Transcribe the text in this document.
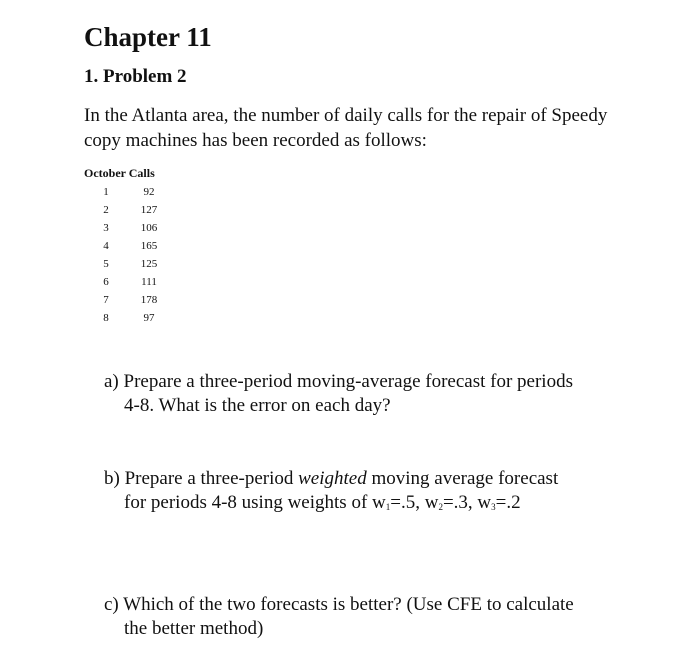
Chapter 11
1. Problem 2

In the Atlanta area, the number of daily calls for the repair of Speedy copy machines has been recorded as follows:

October Calls
1	92
2	127
3	106
4	165
5	125
6	111
7	178
8	97

a) Prepare a three-period moving-average forecast for periods
4-8. What is the error on each day?

b) Prepare a three-period weighted moving average forecast
for periods 4-8 using weights of $w_1=.5$, $w_2=.3$, $w_3=.2$

c) Which of the two forecasts is better? (Use CFE to calculate
the better method)
